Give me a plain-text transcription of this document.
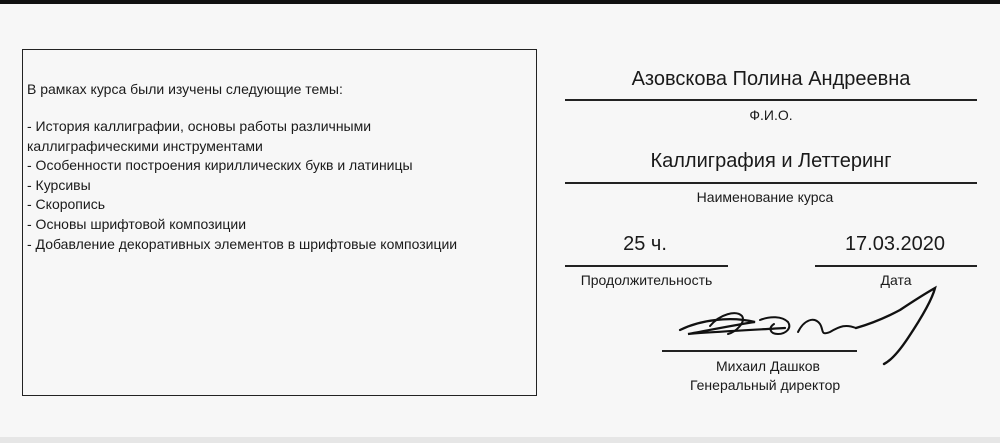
В рамках курса были изучены следующие темы:
- История каллиграфии, основы работы различными
каллиграфическими инструментами
- Особенности построения кириллических букв и латиницы
- Курсивы
- Скоропись
- Основы шрифтовой композиции
- Добавление декоративных элементов в шрифтовые композиции
Азовскова Полина Андреевна
Ф.И.О.
Каллиграфия и Леттеринг
Наименование курса
25 ч.
Продолжительность
17.03.2020
Дата
Михаил Дашков
Генеральный директор
